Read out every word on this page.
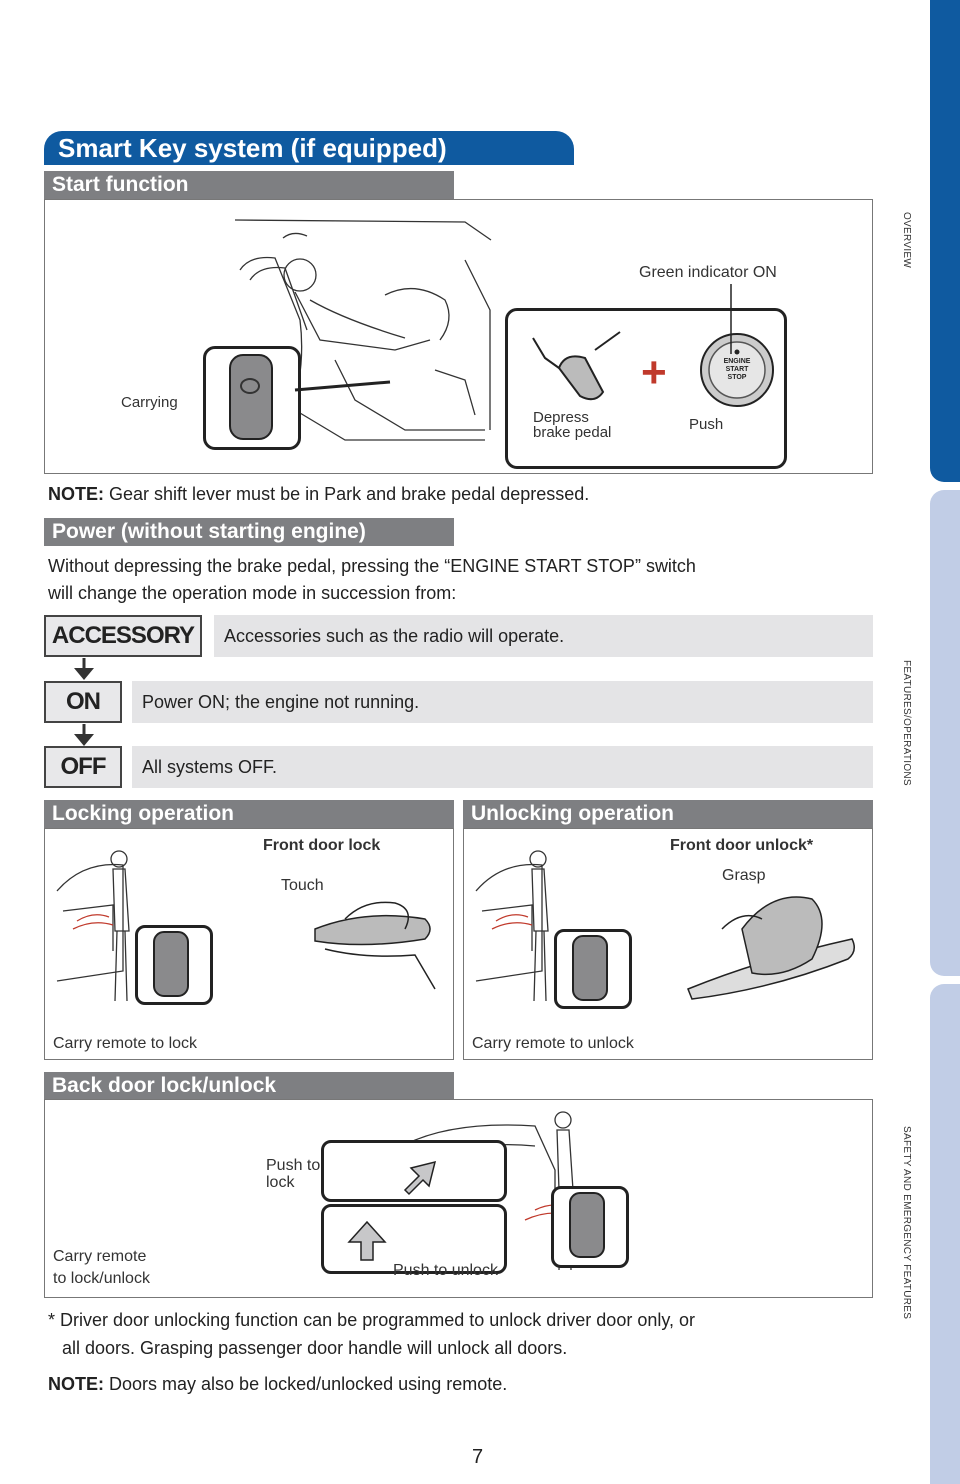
OVERVIEW
FEATURES/OPERATIONS
SAFETY AND EMERGENCY FEATURES
Smart Key system (if equipped)
Start function
+	ENGINE
START
STOP
Carrying
Green indicator ON
Depress
brake pedal	Push
NOTE: Gear shift lever must be in Park and brake pedal depressed.
Power (without starting engine)
Without depressing the brake pedal, pressing the “ENGINE START STOP” switch
will change the operation mode in succession from:
ACCESSORY	Accessories such as the radio will operate.
ON	Power ON; the engine not running.
OFF	All systems OFF.
Locking operation	Unlocking operation
Front door lock
Touch
Carry remote to lock
Front door unlock*
Grasp
Carry remote to unlock
Back door lock/unlock
Push to
lock
Push to unlock
Carry remote
to lock/unlock
* Driver door unlocking function can be programmed to unlock driver door only, or
all doors. Grasping passenger door handle will unlock all doors.
NOTE: Doors may also be locked/unlocked using remote.
7
